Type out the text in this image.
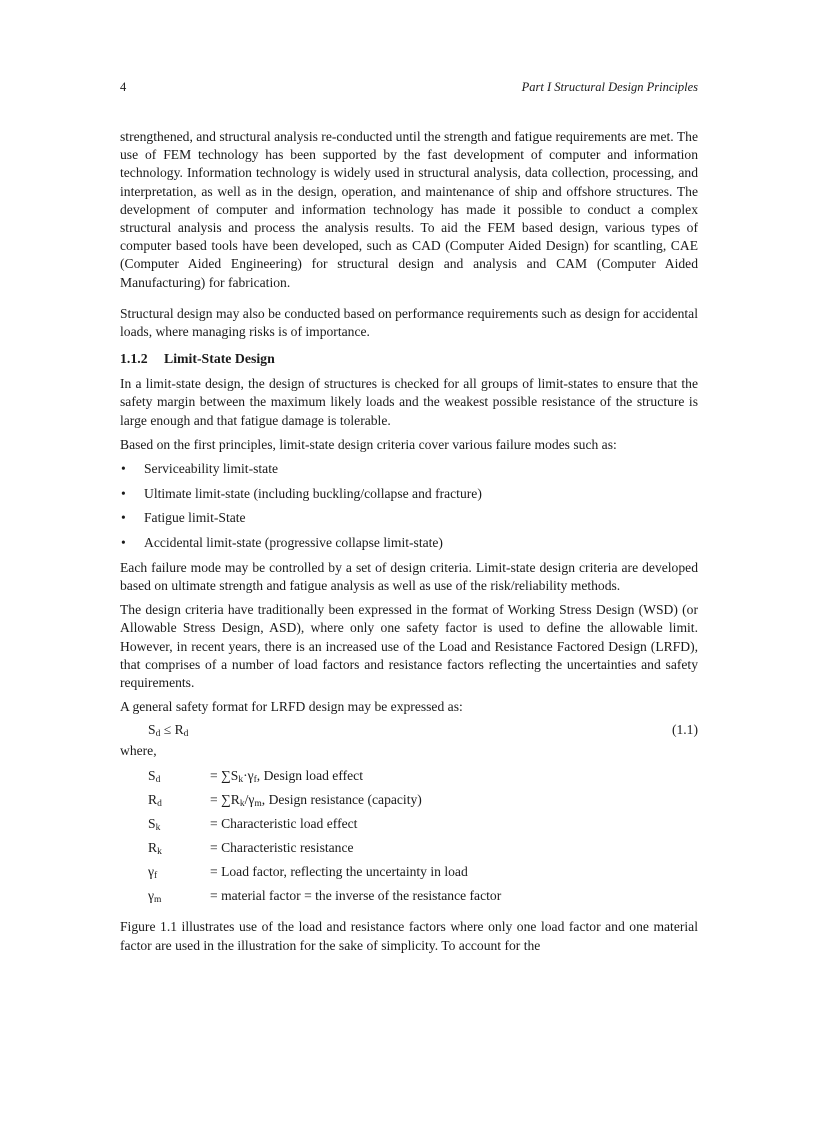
4	Part I Structural Design Principles

strengthened, and structural analysis re-conducted until the strength and fatigue requirements are met. The use of FEM technology has been supported by the fast development of computer and information technology. Information technology is widely used in structural analysis, data collection, processing, and interpretation, as well as in the design, operation, and maintenance of ship and offshore structures. The development of computer and information technology has made it possible to conduct a complex structural analysis and process the analysis results. To aid the FEM based design, various types of computer based tools have been developed, such as CAD (Computer Aided Design) for scantling, CAE (Computer Aided Engineering) for structural design and analysis and CAM (Computer Aided Manufacturing) for fabrication.

Structural design may also be conducted based on performance requirements such as design for accidental loads, where managing risks is of importance.

1.1.2 Limit-State Design

In a limit-state design, the design of structures is checked for all groups of limit-states to ensure that the safety margin between the maximum likely loads and the weakest possible resistance of the structure is large enough and that fatigue damage is tolerable.

Based on the first principles, limit-state design criteria cover various failure modes such as:

• Serviceability limit-state
• Ultimate limit-state (including buckling/collapse and fracture)
• Fatigue limit-State
• Accidental limit-state (progressive collapse limit-state)

Each failure mode may be controlled by a set of design criteria. Limit-state design criteria are developed based on ultimate strength and fatigue analysis as well as use of the risk/reliability methods.

The design criteria have traditionally been expressed in the format of Working Stress Design (WSD) (or Allowable Stress Design, ASD), where only one safety factor is used to define the allowable limit. However, in recent years, there is an increased use of the Load and Resistance Factored Design (LRFD), that comprises of a number of load factors and resistance factors reflecting the uncertainties and safety requirements.

A general safety format for LRFD design may be expressed as:

$S_d \le R_d$	(1.1)
where,
$S_d$	= $\sum S_k\cdot\gamma_f$, Design load effect
$R_d$	= $\sum R_k/\gamma_m$, Design resistance (capacity)
$S_k$	= Characteristic load effect
$R_k$	= Characteristic resistance
$\gamma_f$	= Load factor, reflecting the uncertainty in load
$\gamma_m$	= material factor = the inverse of the resistance factor

Figure 1.1 illustrates use of the load and resistance factors where only one load factor and one material factor are used in the illustration for the sake of simplicity. To account for the
